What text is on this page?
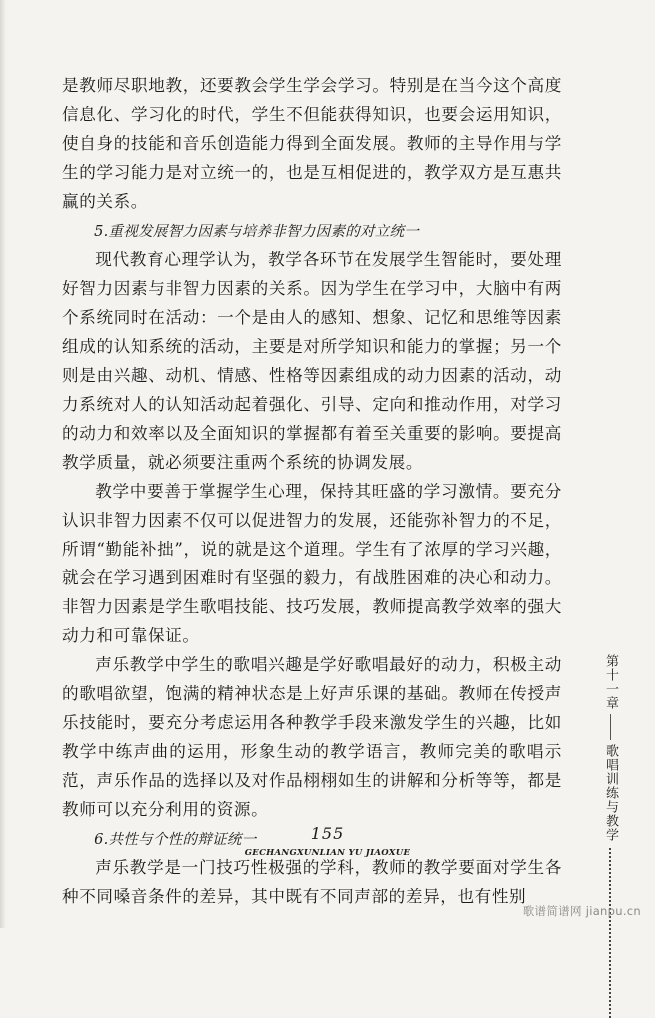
是教师尽职地教，还要教会学生学会学习。特别是在当今这个高度信息化、学习化的时代，学生不但能获得知识，也要会运用知识，使自身的技能和音乐创造能力得到全面发展。教师的主导作用与学生的学习能力是对立统一的，也是互相促进的，教学双方是互惠共赢的关系。

5.重视发展智力因素与培养非智力因素的对立统一

现代教育心理学认为，教学各环节在发展学生智能时，要处理好智力因素与非智力因素的关系。因为学生在学习中，大脑中有两个系统同时在活动：一个是由人的感知、想象、记忆和思维等因素组成的认知系统的活动，主要是对所学知识和能力的掌握；另一个则是由兴趣、动机、情感、性格等因素组成的动力因素的活动，动力系统对人的认知活动起着强化、引导、定向和推动作用，对学习的动力和效率以及全面知识的掌握都有着至关重要的影响。要提高教学质量，就必须要注重两个系统的协调发展。

教学中要善于掌握学生心理，保持其旺盛的学习激情。要充分认识非智力因素不仅可以促进智力的发展，还能弥补智力的不足，所谓“勤能补拙”，说的就是这个道理。学生有了浓厚的学习兴趣，就会在学习遇到困难时有坚强的毅力，有战胜困难的决心和动力。非智力因素是学生歌唱技能、技巧发展，教师提高教学效率的强大动力和可靠保证。

声乐教学中学生的歌唱兴趣是学好歌唱最好的动力，积极主动的歌唱欲望，饱满的精神状态是上好声乐课的基础。教师在传授声乐技能时，要充分考虑运用各种教学手段来激发学生的兴趣，比如教学中练声曲的运用，形象生动的教学语言，教师完美的歌唱示范，声乐作品的选择以及对作品栩栩如生的讲解和分析等等，都是教师可以充分利用的资源。

6.共性与个性的辩证统一

声乐教学是一门技巧性极强的学科，教师的教学要面对学生各种不同嗓音条件的差异，其中既有不同声部的差异，也有性别

第十一章
歌唱训练与教学
155
GECHANGXUNLIAN YU JIAOXUE
歌谱简谱网 jianpu.cn
